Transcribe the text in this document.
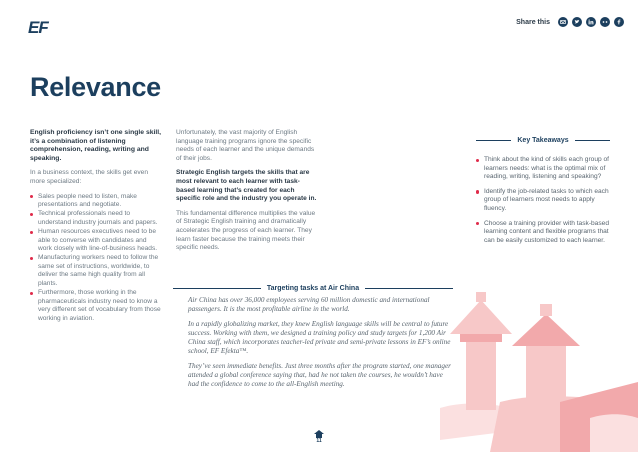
EF	Share this
Relevance
English proficiency isn’t one single skill, it’s a combination of listening comprehension, reading, writing and speaking.
In a business context, the skills get even more specialized:
Sales people need to listen, make presentations and negotiate.
Technical professionals need to understand industry journals and papers.
Human resources executives need to be able to converse with candidates and work closely with line-of-business heads.
Manufacturing workers need to follow the same set of instructions, worldwide, to deliver the same high quality from all plants.
Furthermore, those working in the pharmaceuticals industry need to know a very different set of vocabulary from those working in aviation.
Unfortunately, the vast majority of English language training programs ignore the specific needs of each learner and the unique demands of their jobs.
Strategic English targets the skills that are most relevant to each learner with task-based learning that’s created for each specific role and the industry you operate in.
This fundamental difference multiplies the value of Strategic English training and dramatically accelerates the progress of each learner. They learn faster because the training meets their specific needs.
Key Takeaways
Think about the kind of skills each group of learners needs: what is the optimal mix of reading, writing, listening and speaking?
Identify the job-related tasks to which each group of learners most needs to apply fluency.
Choose a training provider with task-based learning content and flexible programs that can be easily customized to each learner.
Targeting tasks at Air China
Air China has over 36,000 employees serving 60 million domestic and international passengers. It is the most profitable airline in the world.
In a rapidly globalizing market, they knew English language skills will be central to future success. Working with them, we designed a training policy and study targets for 1,200 Air China staff, which incorporates teacher-led private and semi-private lessons in EF’s online school, EF Efekta™.
They’ve seen immediate benefits. Just three months after the program started, one manager attended a global conference saying that, had he not taken the courses, he wouldn’t have had the confidence to come to the all-English meeting.
11
